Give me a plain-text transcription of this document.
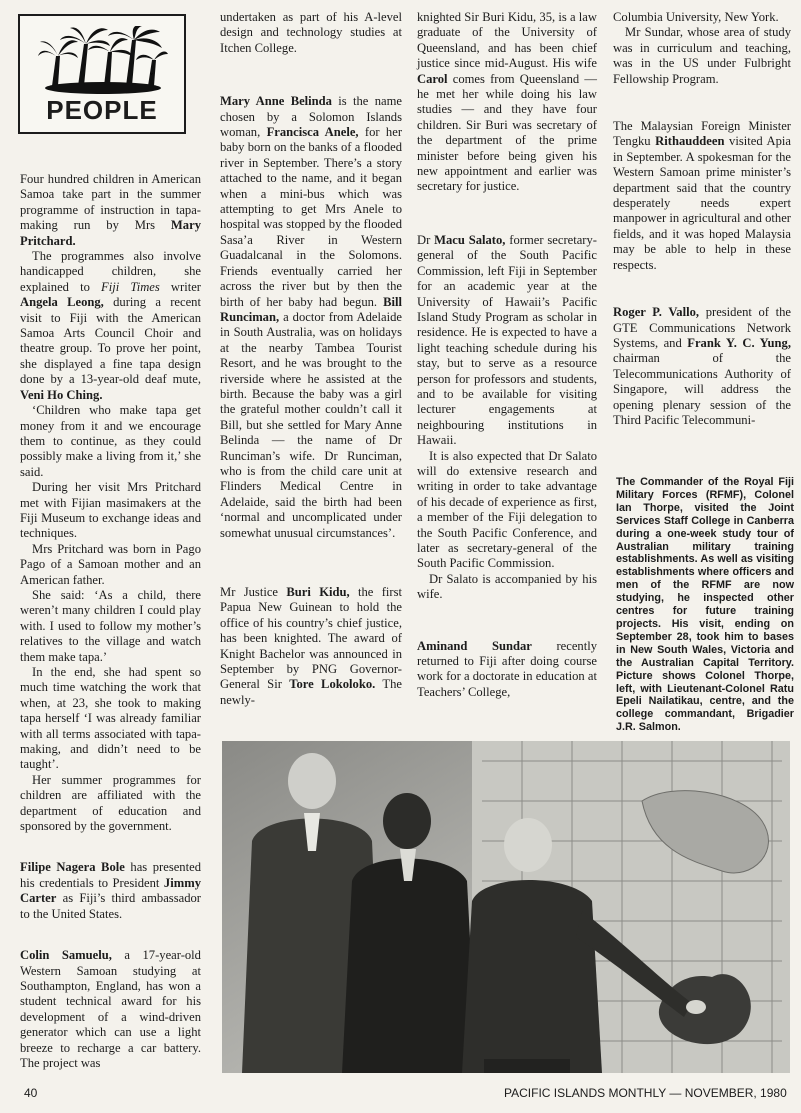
ˇ
PEOPLE

Four hundred children in American Samoa take part in the summer programme of instruction in tapa-making run by Mrs Mary Pritchard.

The programmes also involve handicapped children, she explained to Fiji Times writer Angela Leong, during a recent visit to Fiji with the American Samoa Arts Council Choir and theatre group. To prove her point, she displayed a fine tapa design done by a 13-year-old deaf mute, Veni Ho Ching.

‘Children who make tapa get money from it and we encourage them to continue, as they could possibly make a living from it,’ she said.

During her visit Mrs Pritchard met with Fijian masimakers at the Fiji Museum to exchange ideas and techniques.

Mrs Pritchard was born in Pago Pago of a Samoan mother and an American father.

She said: ‘As a child, there weren’t many children I could play with. I used to follow my mother’s relatives to the village and watch them make tapa.’

In the end, she had spent so much time watching the work that when, at 23, she took to making tapa herself ‘I was already familiar with all terms associated with tapa-making, and didn’t need to be taught’.

Her summer programmes for children are affiliated with the department of education and sponsored by the government.

Filipe Nagera Bole has presented his credentials to President Jimmy Carter as Fiji’s third ambassador to the United States.

Colin Samuelu, a 17-year-old Western Samoan studying at Southampton, England, has won a student technical award for his development of a wind-driven generator which can use a light breeze to recharge a car battery. The project was

undertaken as part of his A-level design and technology studies at Itchen College.

Mary Anne Belinda is the name chosen by a Solomon Islands woman, Francisca Anele, for her baby born on the banks of a flooded river in September. There’s a story attached to the name, and it began when a mini-bus which was attempting to get Mrs Anele to hospital was stopped by the flooded Sasa’a River in Western Guadalcanal in the Solomons. Friends eventually carried her across the river but by then the birth of her baby had begun. Bill Runciman, a doctor from Adelaide in South Australia, was on holidays at the nearby Tambea Tourist Resort, and he was brought to the riverside where he assisted at the birth. Because the baby was a girl the grateful mother couldn’t call it Bill, but she settled for Mary Anne Belinda — the name of Dr Runciman’s wife. Dr Runciman, who is from the child care unit at Flinders Medical Centre in Adelaide, said the birth had been ‘normal and uncomplicated under somewhat unusual circumstances’.

Mr Justice Buri Kidu, the first Papua New Guinean to hold the office of his country’s chief justice, has been knighted. The award of Knight Bachelor was announced in September by PNG Governor-General Sir Tore Lokoloko. The newly-

knighted Sir Buri Kidu, 35, is a law graduate of the University of Queensland, and has been chief justice since mid-August. His wife Carol comes from Queensland — he met her while doing his law studies — and they have four children. Sir Buri was secretary of the department of the prime minister before being given his new appointment and earlier was secretary for justice.

Dr Macu Salato, former secretary-general of the South Pacific Commission, left Fiji in September for an academic year at the University of Hawaii’s Pacific Island Study Program as scholar in residence. He is expected to have a light teaching schedule during his stay, but to serve as a resource person for professors and students, and to be available for visiting lecturer engagements at neighbouring institutions in Hawaii.

It is also expected that Dr Salato will do extensive research and writing in order to take advantage of his decade of experience as first, a member of the Fiji delegation to the South Pacific Conference, and later as secretary-general of the South Pacific Commission.

Dr Salato is accompanied by his wife.

Aminand Sundar recently returned to Fiji after doing course work for a doctorate in education at Teachers’ College,

Columbia University, New York.

Mr Sundar, whose area of study was in curriculum and teaching, was in the US under Fulbright Fellowship Program.

The Malaysian Foreign Minister Tengku Rithauddeen visited Apia in September. A spokesman for the Western Samoan prime minister’s department said that the country desperately needs expert manpower in agricultural and other fields, and it was hoped Malaysia may be able to help in these respects.

Roger P. Vallo, president of the GTE Communications Network Systems, and Frank Y. C. Yung, chairman of the Telecommunications Authority of Singapore, will address the opening plenary session of the Third Pacific Telecommuni-

The Commander of the Royal Fiji Military Forces (RFMF), Colonel Ian Thorpe, visited the Joint Services Staff College in Canberra during a one-week study tour of Australian military training establishments. As well as visiting establishments where officers and men of the RFMF are now studying, he inspected other centres for future training projects. His visit, ending on September 28, took him to bases in New South Wales, Victoria and the Australian Capital Territory. Picture shows Colonel Thorpe, left, with Lieutenant-Colonel Ratu Epeli Nailatikau, centre, and the college commandant, Brigadier J.R. Salmon.
40	PACIFIC ISLANDS MONTHLY — NOVEMBER, 1980
